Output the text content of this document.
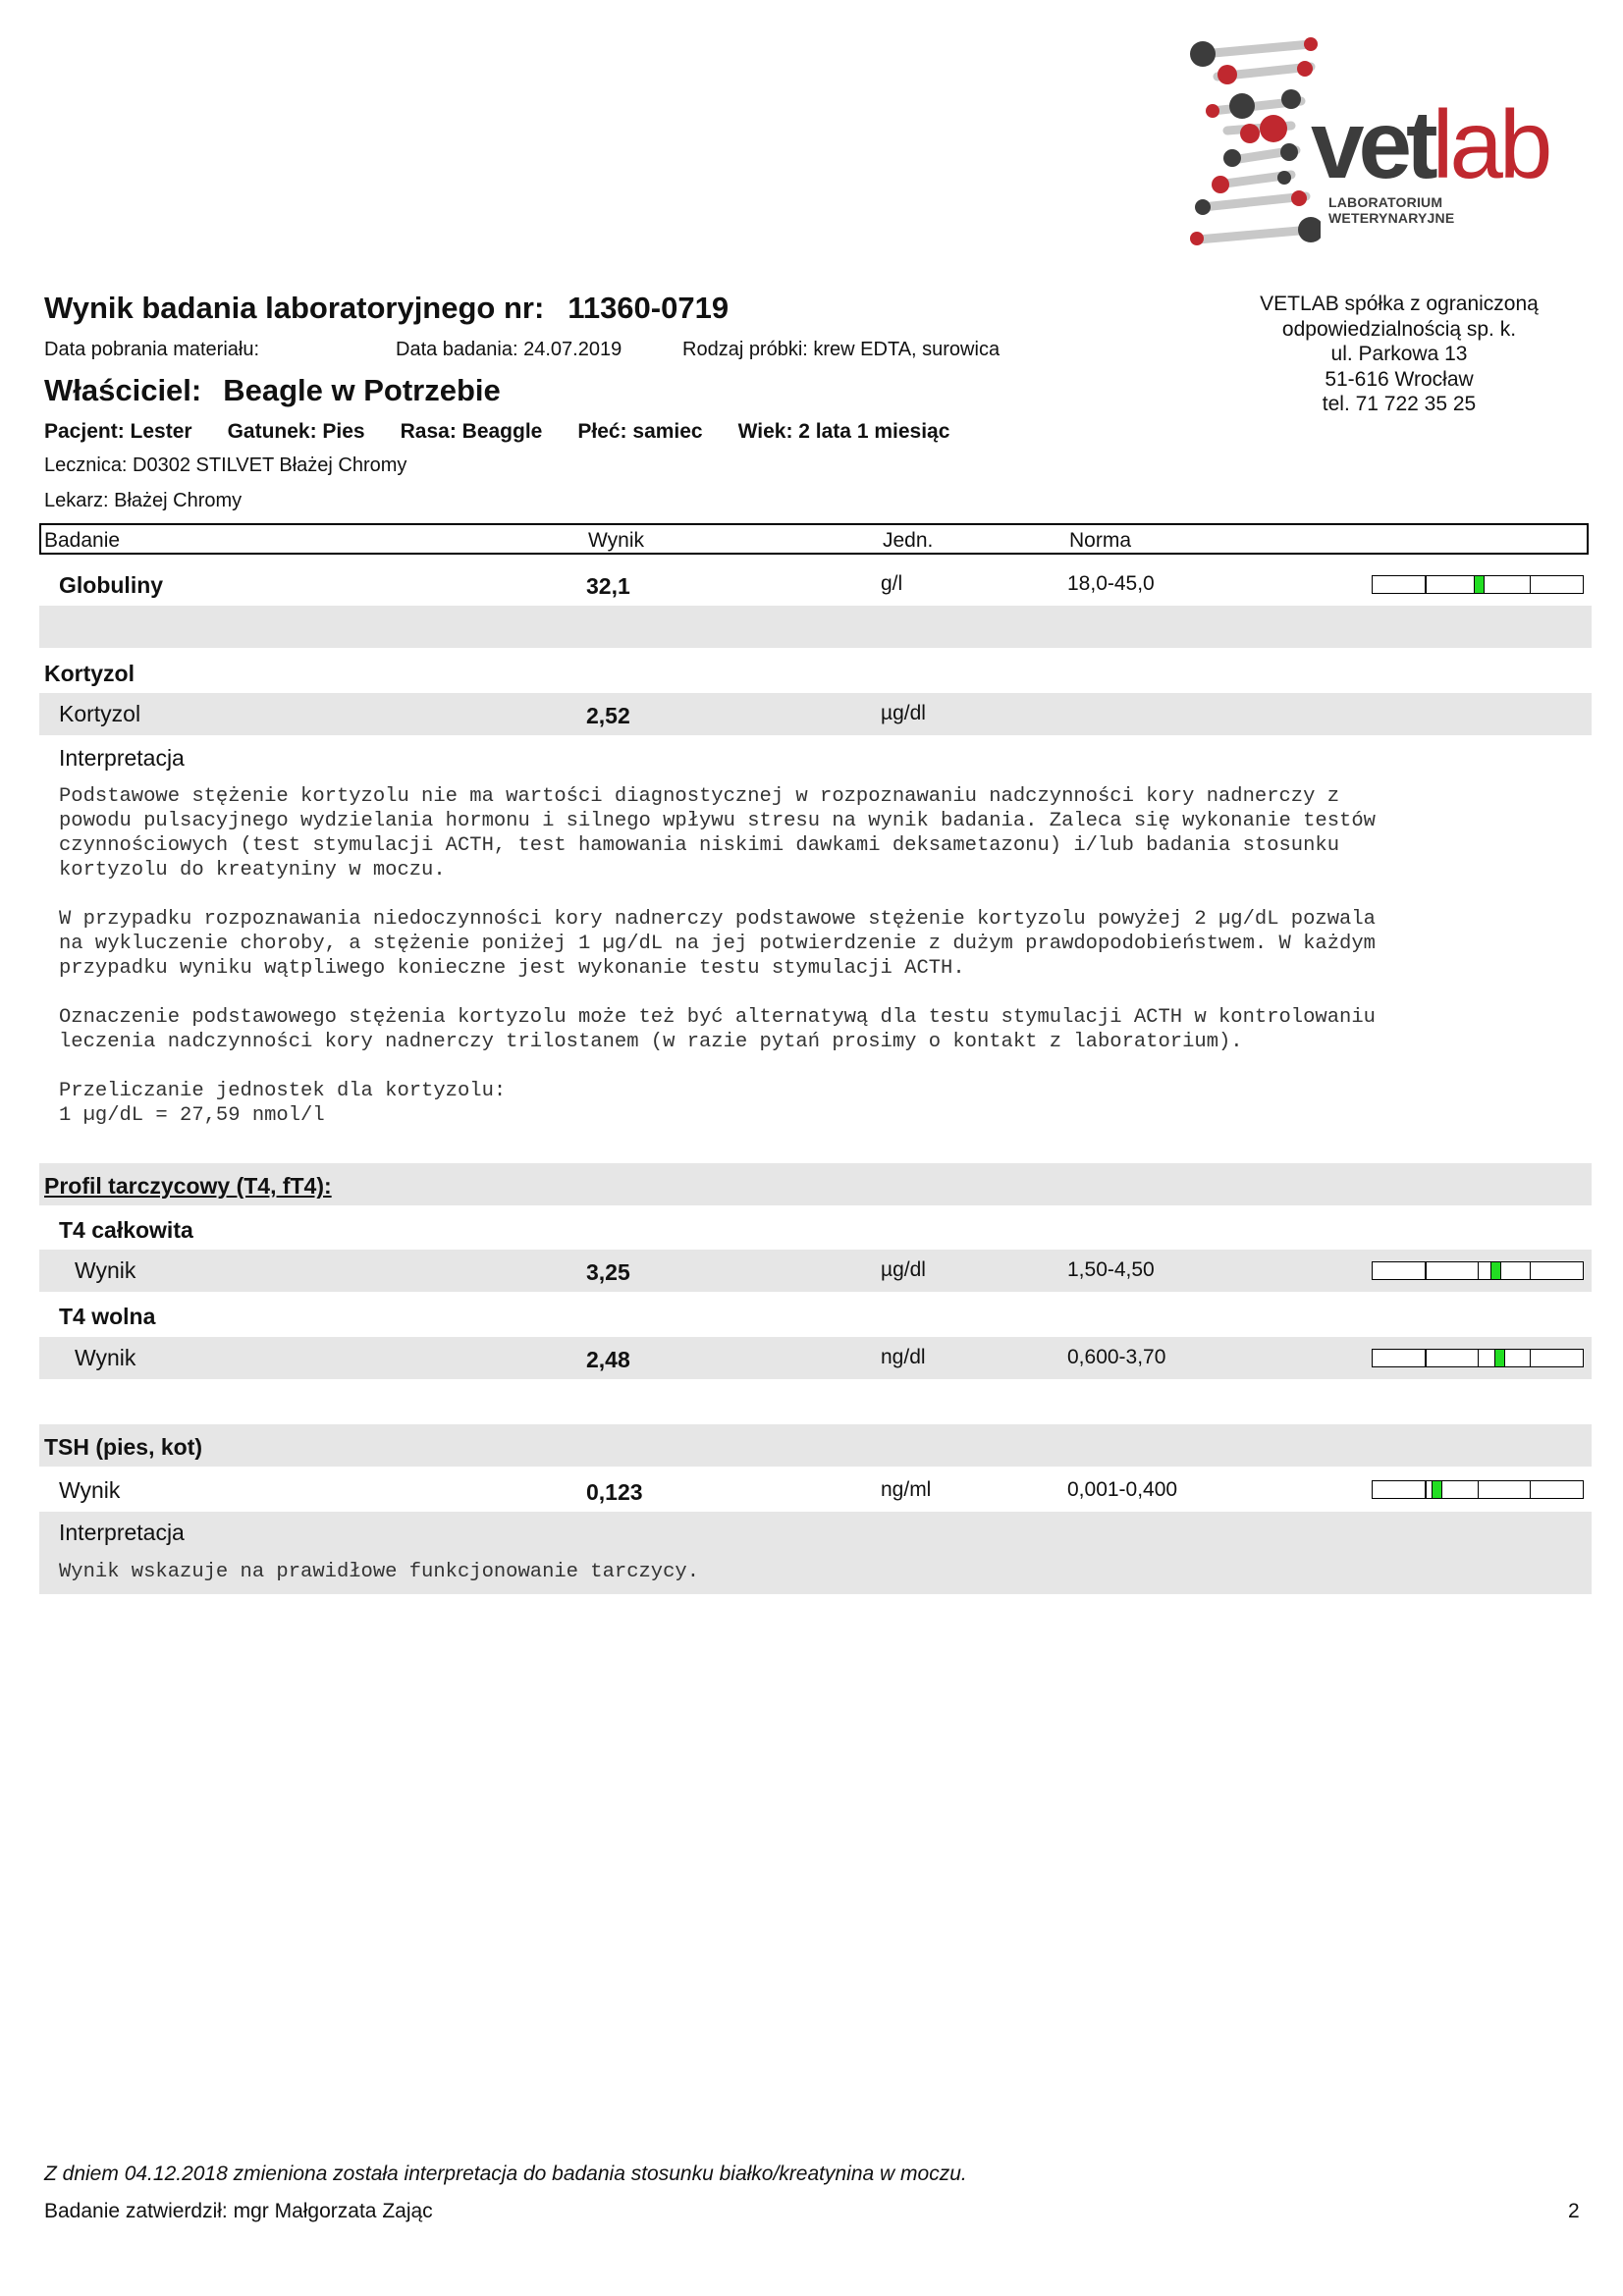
vetlab
LABORATORIUM WETERYNARYJNE
Wynik badania laboratoryjnego nr: 11360-0719
Data pobrania materiału:	Data badania: 24.07.2019	Rodzaj próbki: krew EDTA, surowica
VETLAB spółka z ograniczoną
odpowiedzialnością sp. k.
ul. Parkowa 13
51-616 Wrocław
tel. 71 722 35 25
Właściciel: Beagle w Potrzebie
Pacjent: Lester Gatunek: Pies Rasa: Beaggle Płeć: samiec Wiek: 2 lata 1 miesiąc
Lecznica: D0302 STILVET Błażej Chromy
Lekarz: Błażej Chromy
Badanie	Wynik	Jedn.	Norma
Globuliny	32,1	g/l	18,0-45,0
Kortyzol
Kortyzol	2,52	µg/dl
Interpretacja
Podstawowe stężenie kortyzolu nie ma wartości diagnostycznej w rozpoznawaniu nadczynności kory nadnerczy z
powodu pulsacyjnego wydzielania hormonu i silnego wpływu stresu na wynik badania. Zaleca się wykonanie testów
czynnościowych (test stymulacji ACTH, test hamowania niskimi dawkami deksametazonu) i/lub badania stosunku
kortyzolu do kreatyniny w moczu.

W przypadku rozpoznawania niedoczynności kory nadnerczy podstawowe stężenie kortyzolu powyżej 2 µg/dL pozwala
na wykluczenie choroby, a stężenie poniżej 1 µg/dL na jej potwierdzenie z dużym prawdopodobieństwem. W każdym
przypadku wyniku wątpliwego konieczne jest wykonanie testu stymulacji ACTH.

Oznaczenie podstawowego stężenia kortyzolu może też być alternatywą dla testu stymulacji ACTH w kontrolowaniu
leczenia nadczynności kory nadnerczy trilostanem (w razie pytań prosimy o kontakt z laboratorium).

Przeliczanie jednostek dla kortyzolu:
1 µg/dL = 27,59 nmol/l
Profil tarczycowy (T4, fT4):
T4 całkowita
Wynik	3,25	µg/dl	1,50-4,50
T4 wolna
Wynik	2,48	ng/dl	0,600-3,70
TSH (pies, kot)
Wynik	0,123	ng/ml	0,001-0,400
Interpretacja
Wynik wskazuje na prawidłowe funkcjonowanie tarczycy.
Z dniem 04.12.2018 zmieniona została interpretacja do badania stosunku białko/kreatynina w moczu.
Badanie zatwierdził: mgr Małgorzata Zając	2
